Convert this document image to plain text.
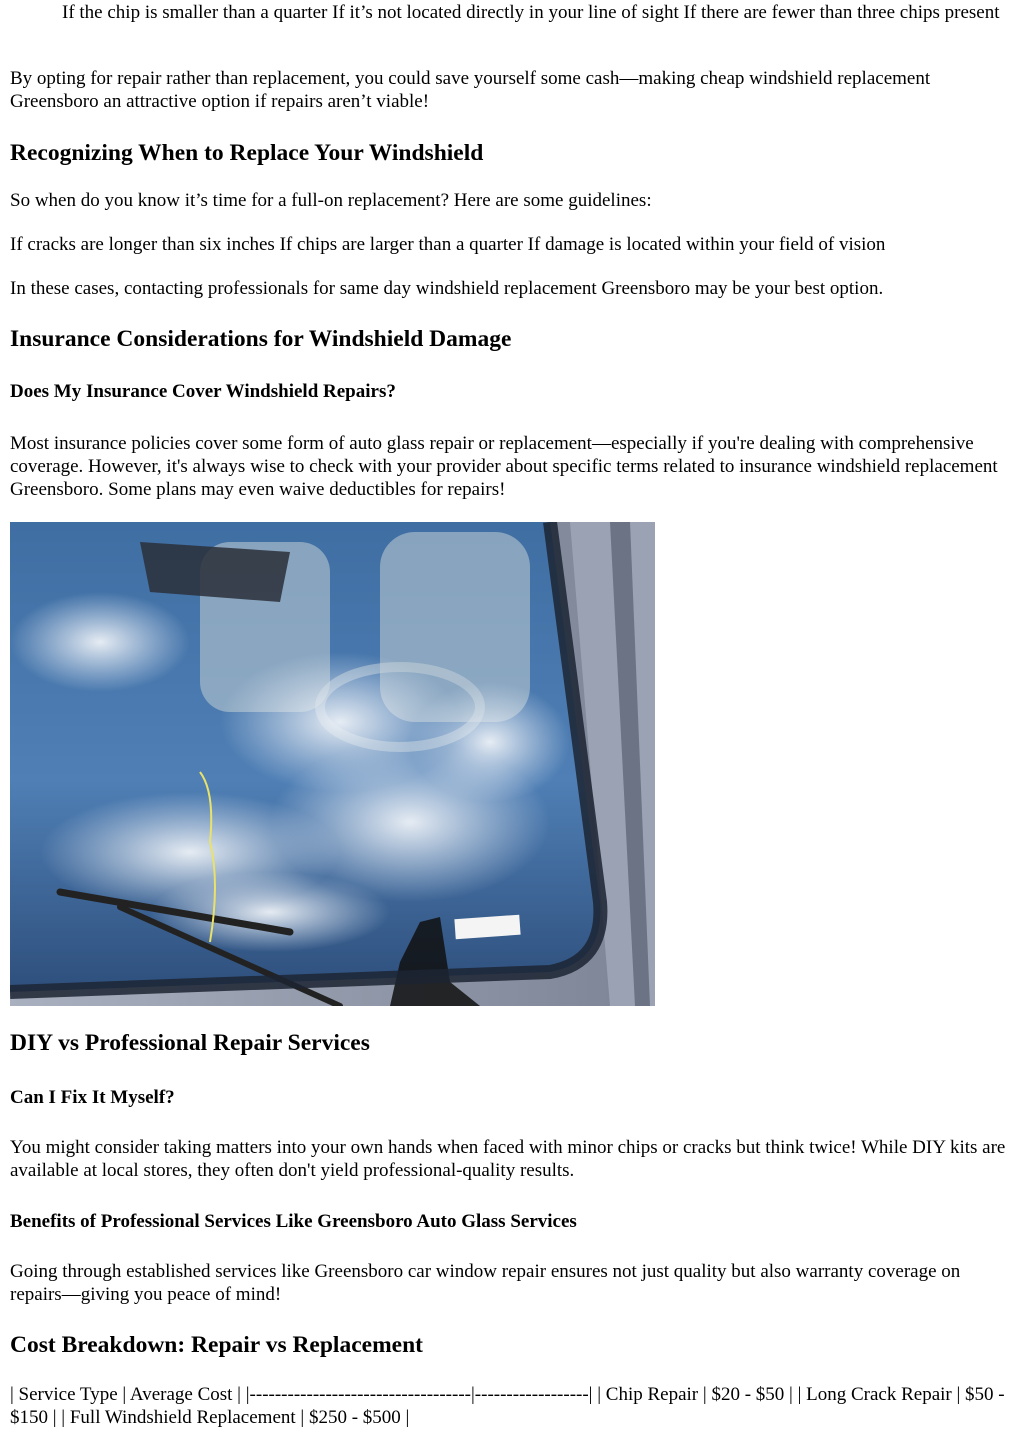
If the chip is smaller than a quarter If it’s not located directly in your line of sight If there are fewer than three chips present

By opting for repair rather than replacement, you could save yourself some cash—making cheap windshield replacement Greensboro an attractive option if repairs aren’t viable!

Recognizing When to Replace Your Windshield

So when do you know it’s time for a full-on replacement? Here are some guidelines:

If cracks are longer than six inches If chips are larger than a quarter If damage is located within your field of vision

In these cases, contacting professionals for same day windshield replacement Greensboro may be your best option.

Insurance Considerations for Windshield Damage
Does My Insurance Cover Windshield Repairs?

Most insurance policies cover some form of auto glass repair or replacement—especially if you're dealing with comprehensive coverage. However, it's always wise to check with your provider about specific terms related to insurance windshield replacement Greensboro. Some plans may even waive deductibles for repairs!

DIY vs Professional Repair Services
Can I Fix It Myself?

You might consider taking matters into your own hands when faced with minor chips or cracks but think twice! While DIY kits are available at local stores, they often don't yield professional-quality results.

Benefits of Professional Services Like Greensboro Auto Glass Services

Going through established services like Greensboro car window repair ensures not just quality but also warranty coverage on repairs—giving you peace of mind!

Cost Breakdown: Repair vs Replacement

| Service Type | Average Cost | |-----------------------------------|------------------| | Chip Repair | $20 - $50 | | Long Crack Repair | $50 - $150 | | Full Windshield Replacement | $250 - $500 |
